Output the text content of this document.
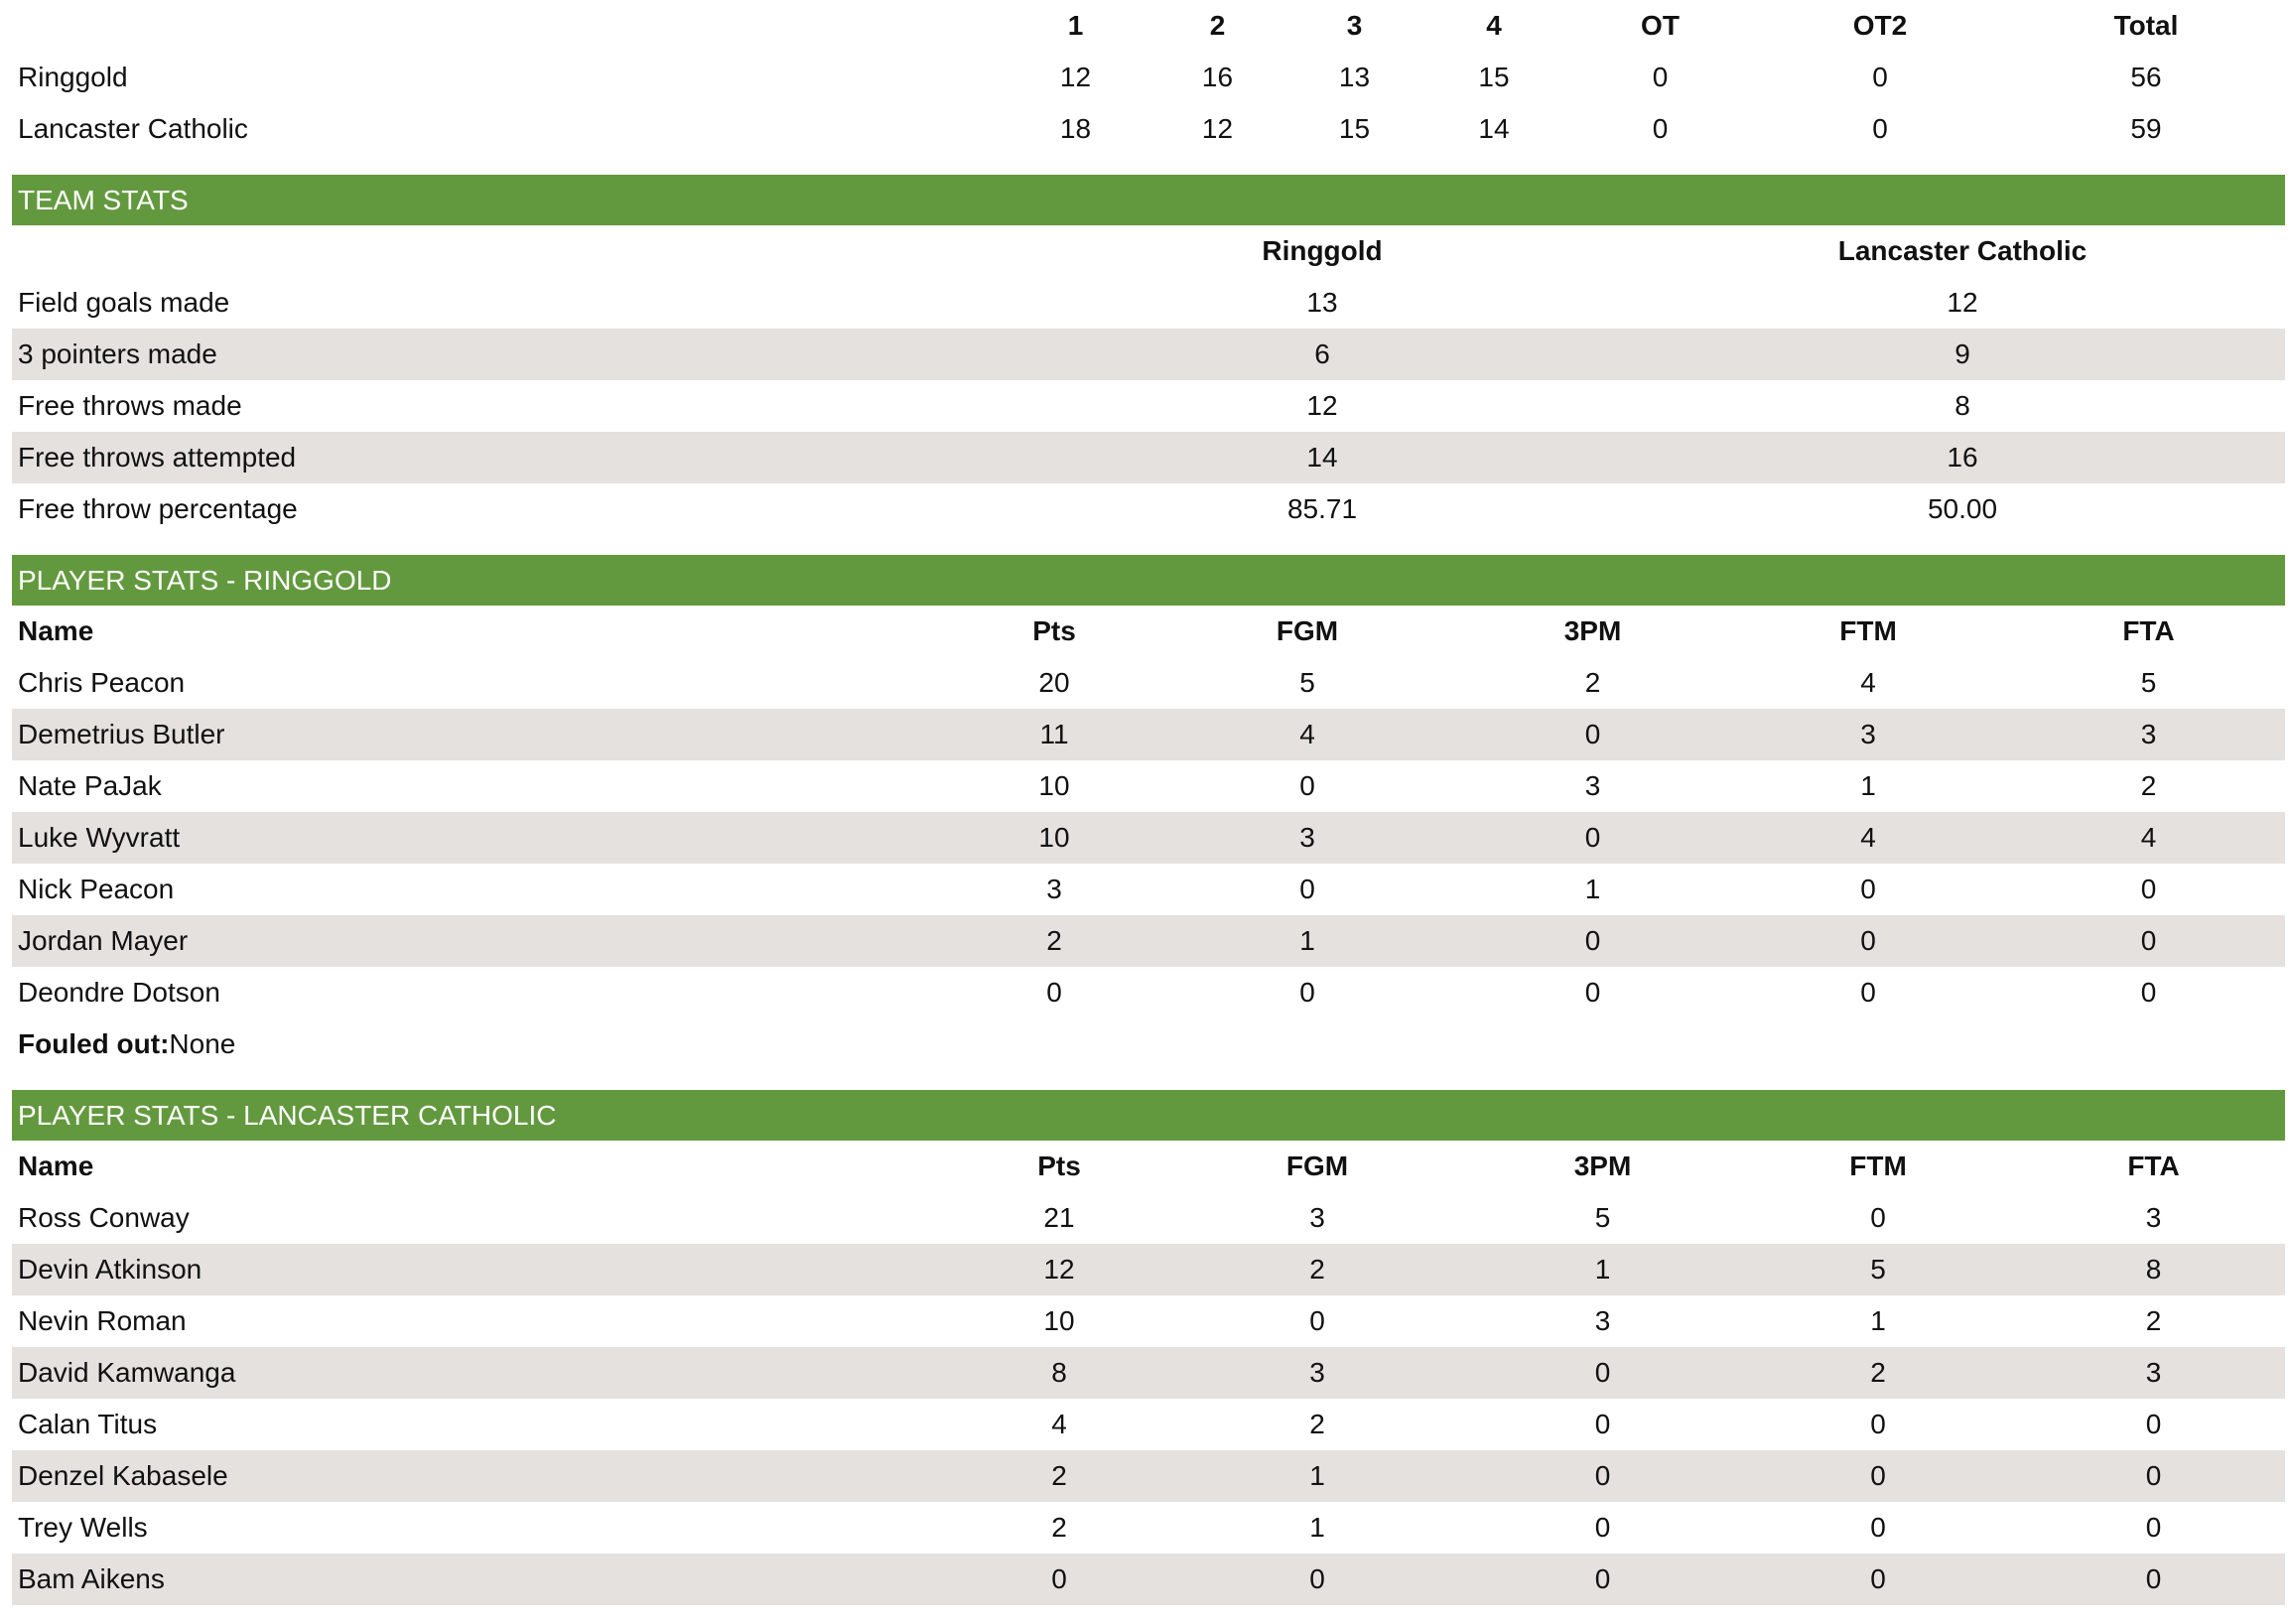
	1	2	3	4	OT	OT2	Total
Ringgold	12	16	13	15	0	0	56
Lancaster Catholic	18	12	15	14	0	0	59
TEAM STATS
	Ringgold	Lancaster Catholic
Field goals made	13	12
3 pointers made	6	9
Free throws made	12	8
Free throws attempted	14	16
Free throw percentage	85.71	50.00
PLAYER STATS - RINGGOLD
Name	Pts	FGM	3PM	FTM	FTA
Chris Peacon	20	5	2	4	5
Demetrius Butler	11	4	0	3	3
Nate PaJak	10	0	3	1	2
Luke Wyvratt	10	3	0	4	4
Nick Peacon	3	0	1	0	0
Jordan Mayer	2	1	0	0	0
Deondre Dotson	0	0	0	0	0
Fouled out:None
PLAYER STATS - LANCASTER CATHOLIC
Name	Pts	FGM	3PM	FTM	FTA
Ross Conway	21	3	5	0	3
Devin Atkinson	12	2	1	5	8
Nevin Roman	10	0	3	1	2
David Kamwanga	8	3	0	2	3
Calan Titus	4	2	0	0	0
Denzel Kabasele	2	1	0	0	0
Trey Wells	2	1	0	0	0
Bam Aikens	0	0	0	0	0
